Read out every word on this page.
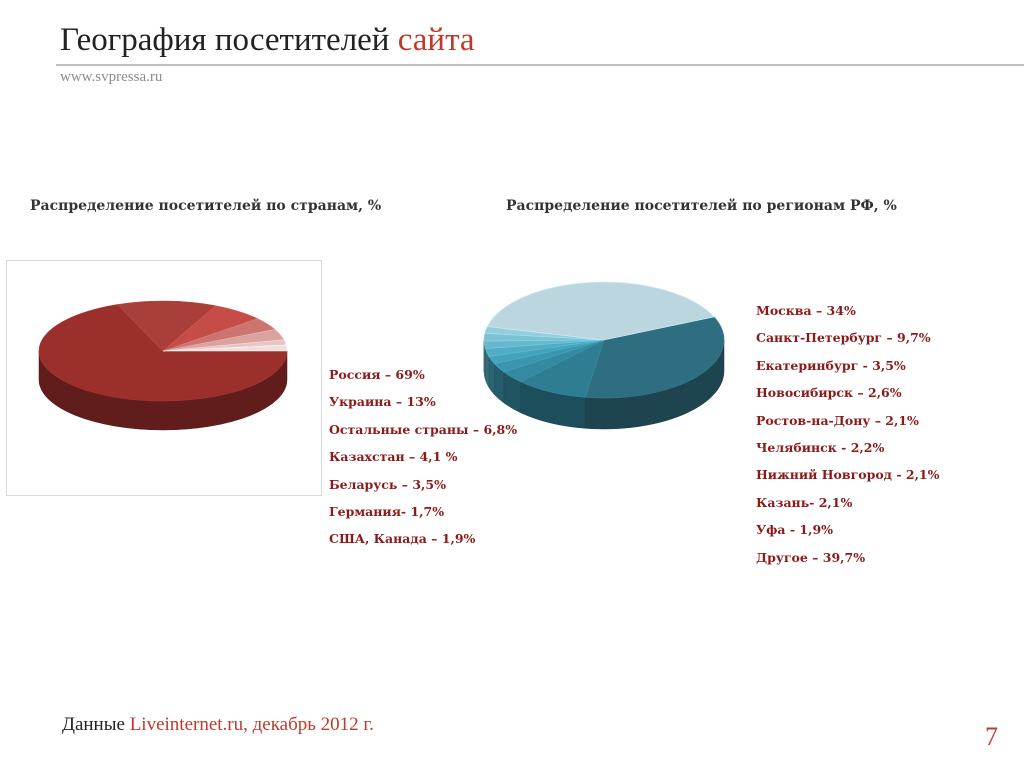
География посетителей сайта
www.svpressa.ru
Распределение посетителей по странам, %	Распределение посетителей по регионам РФ, %
Россия – 69%
Украина – 13%
Остальные страны – 6,8%
Казахстан – 4,1 %
Беларусь – 3,5%
Германия- 1,7%
США, Канада – 1,9%
Москва – 34%
Санкт-Петербург – 9,7%
Екатеринбург - 3,5%
Новосибирск – 2,6%
Ростов-на-Дону – 2,1%
Челябинск - 2,2%
Нижний Новгород - 2,1%
Казань- 2,1%
Уфа - 1,9%
Другое – 39,7%
Данные Liveinternet.ru, декабрь 2012 г.	7
